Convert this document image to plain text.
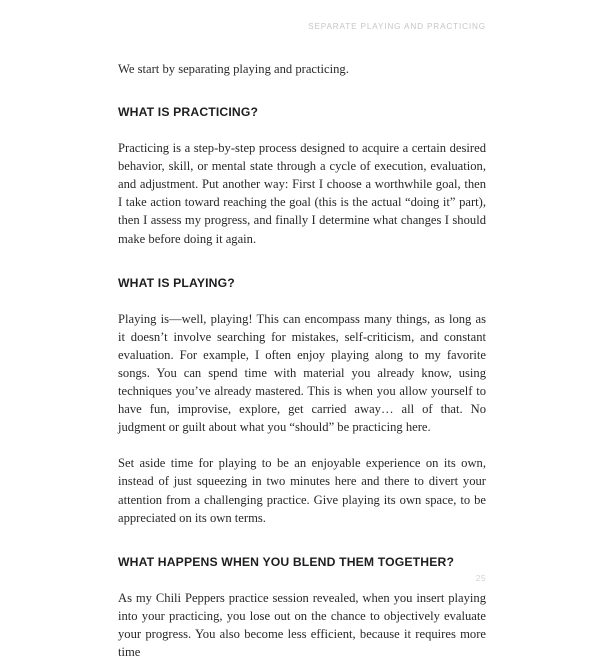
SEPARATE PLAYING AND PRACTICING

We start by separating playing and practicing.

WHAT IS PRACTICING?

Practicing is a step-by-step process designed to acquire a certain desired behavior, skill, or mental state through a cycle of execution, evaluation, and adjustment. Put another way: First I choose a worthwhile goal, then I take action toward reaching the goal (this is the actual “doing it” part), then I assess my progress, and finally I determine what changes I should make before doing it again.

WHAT IS PLAYING?

Playing is—well, playing! This can encompass many things, as long as it doesn’t involve searching for mistakes, self-criticism, and constant evaluation. For example, I often enjoy playing along to my favorite songs. You can spend time with material you already know, using techniques you’ve already mastered. This is when you allow yourself to have fun, improvise, explore, get carried away… all of that. No judgment or guilt about what you “should” be practicing here.

Set aside time for playing to be an enjoyable experience on its own, instead of just squeezing in two minutes here and there to divert your attention from a challenging practice. Give playing its own space, to be appreciated on its own terms.

WHAT HAPPENS WHEN YOU BLEND THEM TOGETHER?

As my Chili Peppers practice session revealed, when you insert playing into your practicing, you lose out on the chance to objectively evaluate your progress. You also become less efficient, because it requires more time

25
